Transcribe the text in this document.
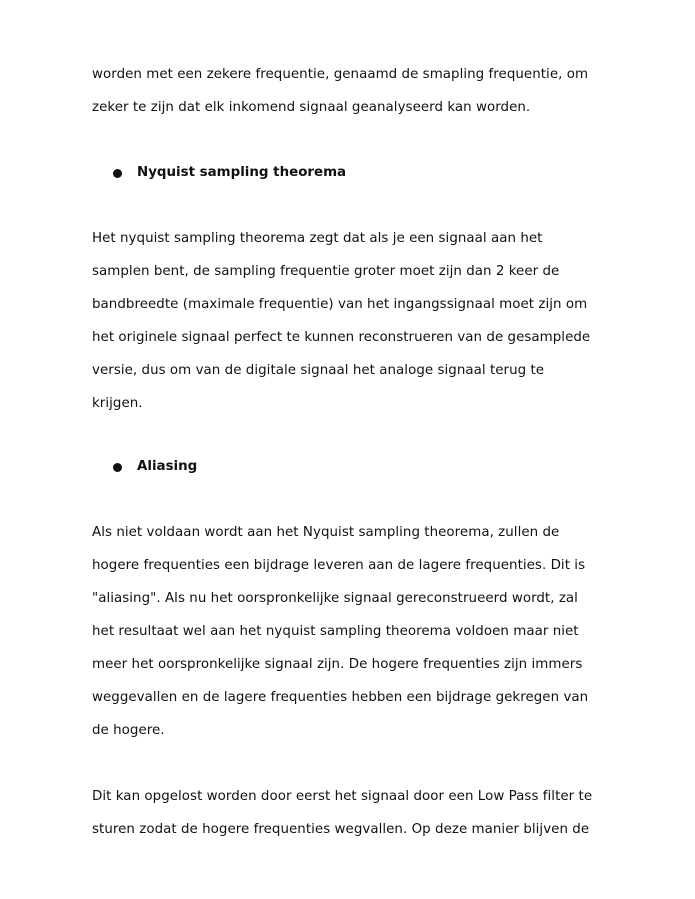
worden met een zekere frequentie, genaamd de smapling frequentie, om
zeker te zijn dat elk inkomend signaal geanalyseerd kan worden.
Nyquist sampling theorema
Het nyquist sampling theorema zegt dat als je een signaal aan het
samplen bent, de sampling frequentie groter moet zijn dan 2 keer de
bandbreedte (maximale frequentie) van het ingangssignaal moet zijn om
het originele signaal perfect te kunnen reconstrueren van de gesamplede
versie, dus om van de digitale signaal het analoge signaal terug te
krijgen.
Aliasing
Als niet voldaan wordt aan het Nyquist sampling theorema, zullen de
hogere frequenties een bijdrage leveren aan de lagere frequenties. Dit is
"aliasing". Als nu het oorspronkelijke signaal gereconstrueerd wordt, zal
het resultaat wel aan het nyquist sampling theorema voldoen maar niet
meer het oorspronkelijke signaal zijn. De hogere frequenties zijn immers
weggevallen en de lagere frequenties hebben een bijdrage gekregen van
de hogere.
Dit kan opgelost worden door eerst het signaal door een Low Pass filter te
sturen zodat de hogere frequenties wegvallen. Op deze manier blijven de
